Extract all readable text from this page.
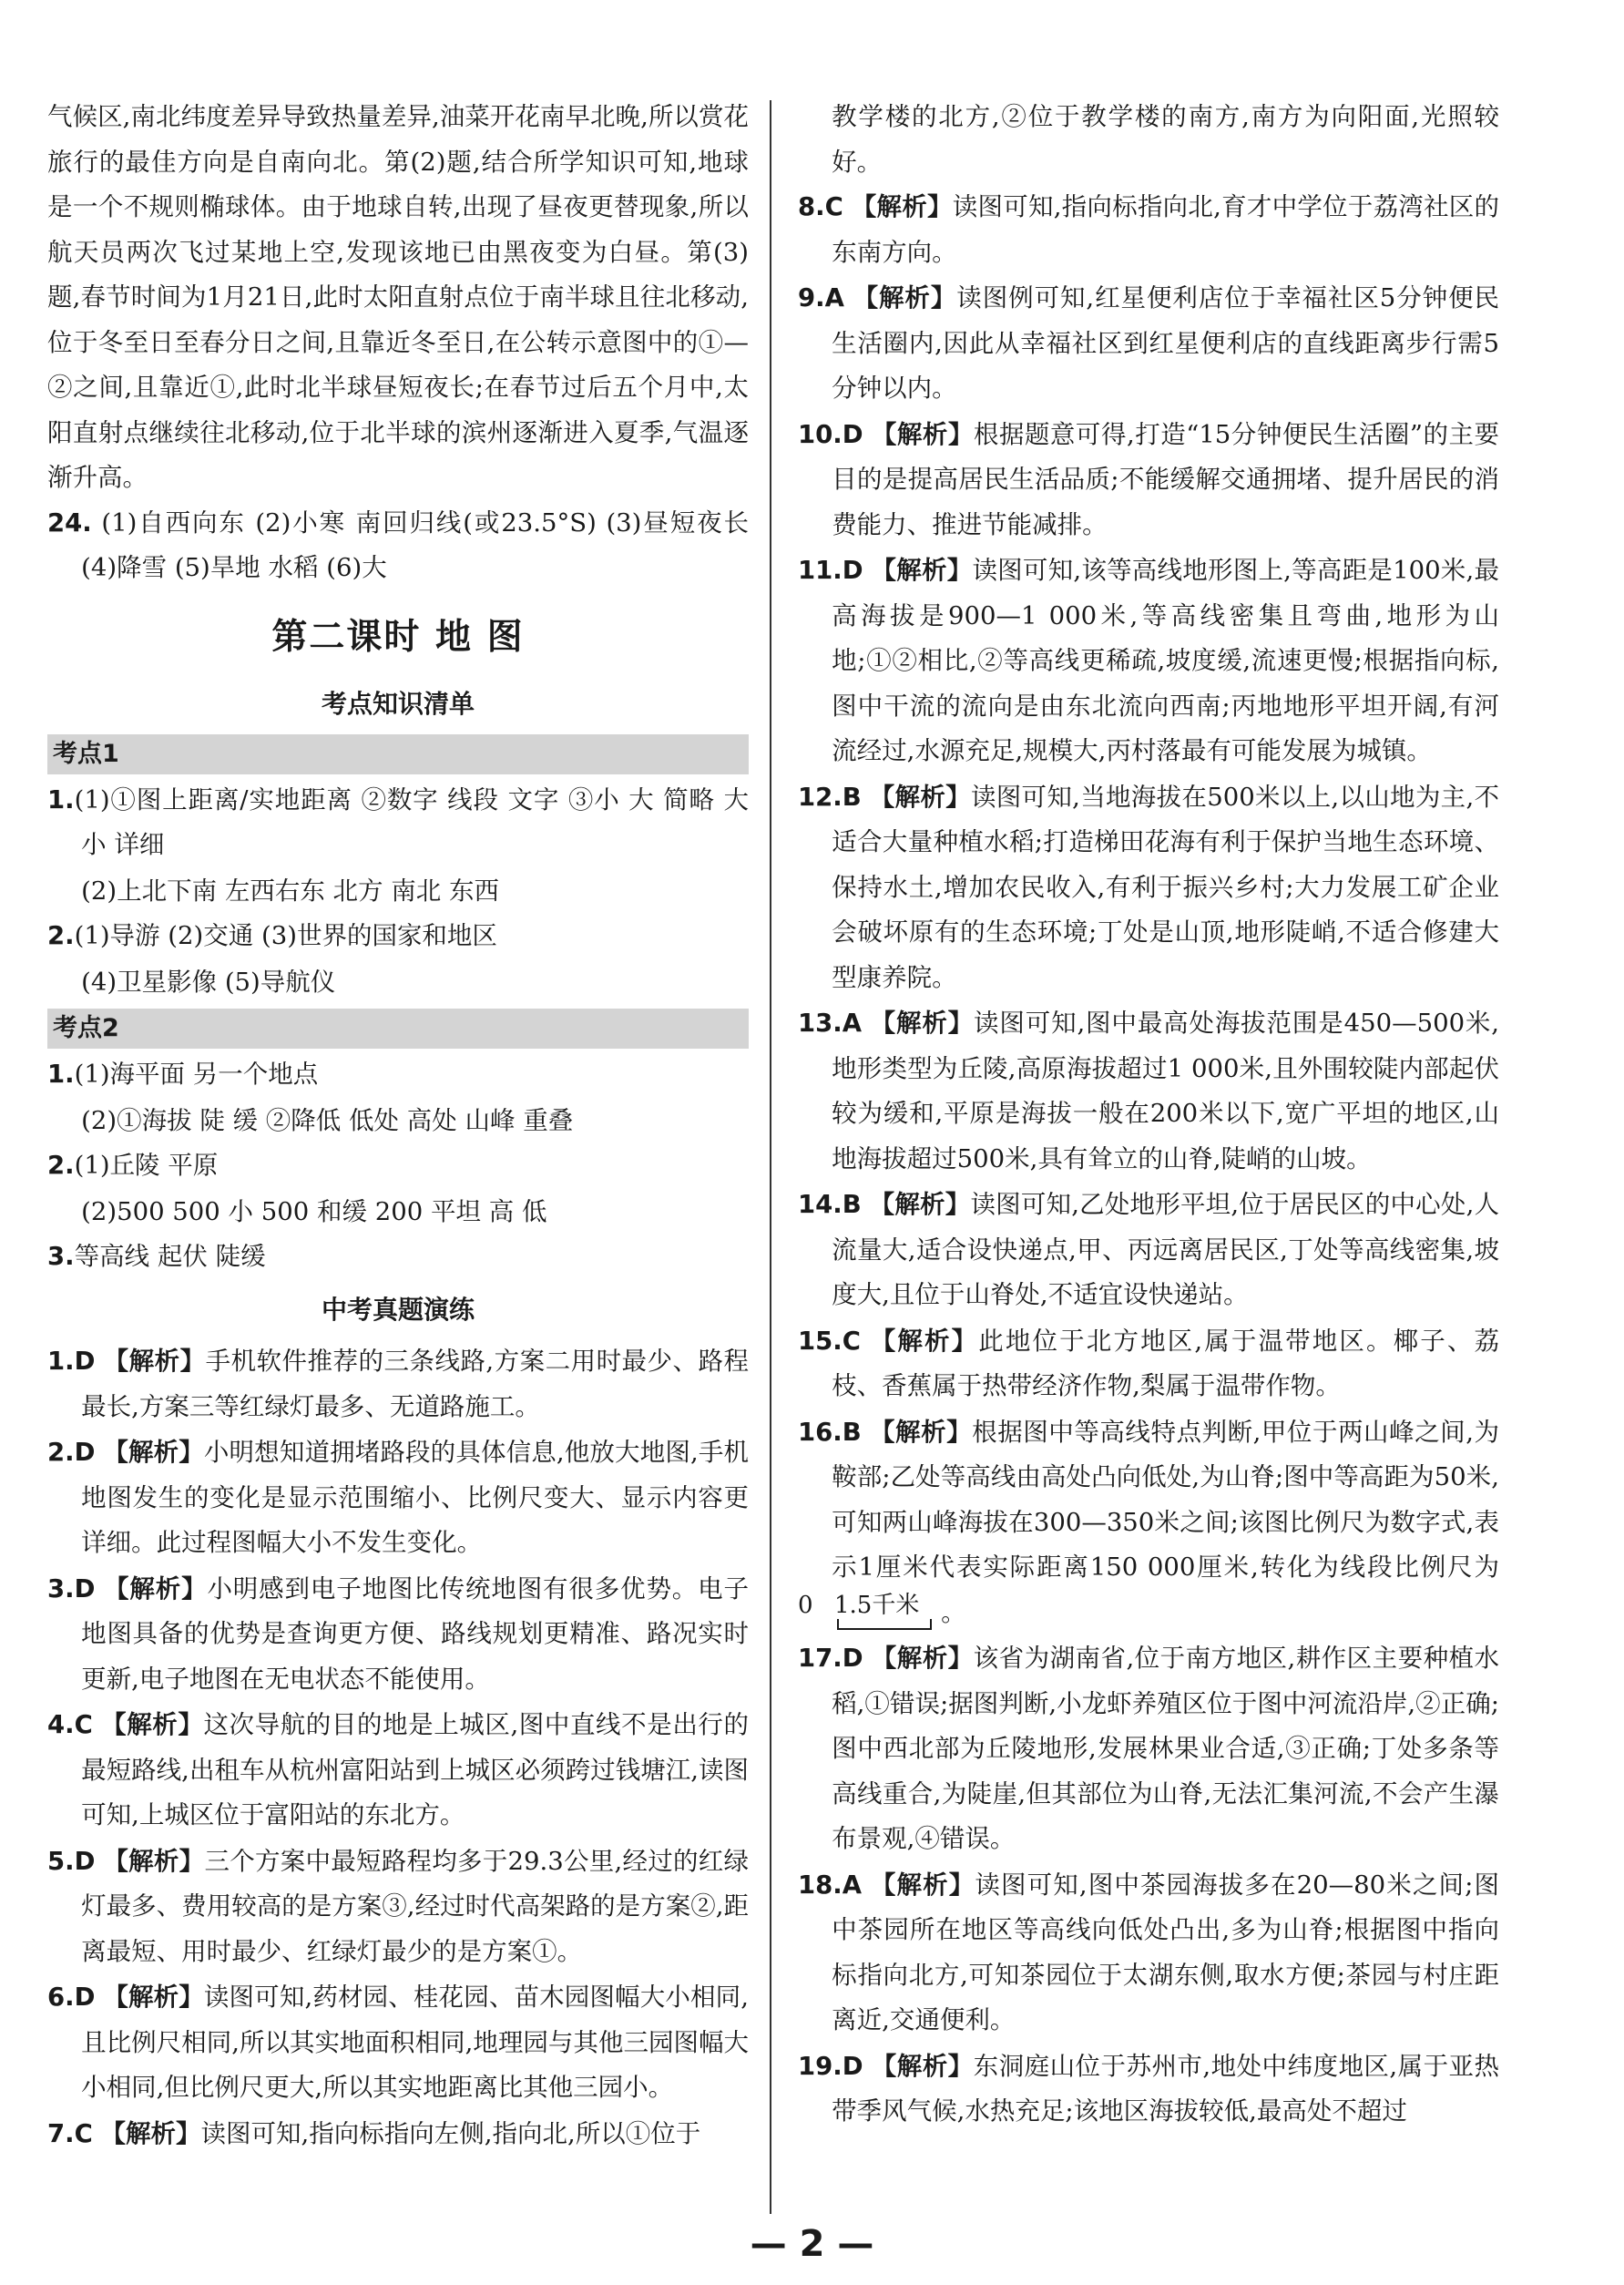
气候区,南北纬度差异导致热量差异,油菜开花南早北晚,所以赏花旅行的最佳方向是自南向北。第(2)题,结合所学知识可知,地球是一个不规则椭球体。由于地球自转,出现了昼夜更替现象,所以航天员两次飞过某地上空,发现该地已由黑夜变为白昼。第(3)题,春节时间为1月21日,此时太阳直射点位于南半球且往北移动,位于冬至日至春分日之间,且靠近冬至日,在公转示意图中的①—②之间,且靠近①,此时北半球昼短夜长;在春节过后五个月中,太阳直射点继续往北移动,位于北半球的滨州逐渐进入夏季,气温逐渐升高。

24. (1)自西向东 (2)小寒 南回归线(或23.5°S) (3)昼短夜长 (4)降雪 (5)旱地 水稻 (6)大

第二课时 地 图
考点知识清单
考点1

1.(1)①图上距离/实地距离 ②数字 线段 文字 ③小 大 简略 大 小 详细

(2)上北下南 左西右东 北方 南北 东西

2.(1)导游 (2)交通 (3)世界的国家和地区

(4)卫星影像 (5)导航仪

考点2

1.(1)海平面 另一个地点

(2)①海拔 陡 缓 ②降低 低处 高处 山峰 重叠

2.(1)丘陵 平原

(2)500 500 小 500 和缓 200 平坦 高 低

3.等高线 起伏 陡缓

中考真题演练

1.D 【解析】手机软件推荐的三条线路,方案二用时最少、路程最长,方案三等红绿灯最多、无道路施工。

2.D 【解析】小明想知道拥堵路段的具体信息,他放大地图,手机地图发生的变化是显示范围缩小、比例尺变大、显示内容更详细。此过程图幅大小不发生变化。

3.D 【解析】小明感到电子地图比传统地图有很多优势。电子地图具备的优势是查询更方便、路线规划更精准、路况实时更新,电子地图在无电状态不能使用。

4.C 【解析】这次导航的目的地是上城区,图中直线不是出行的最短路线,出租车从杭州富阳站到上城区必须跨过钱塘江,读图可知,上城区位于富阳站的东北方。

5.D 【解析】三个方案中最短路程均多于29.3公里,经过的红绿灯最多、费用较高的是方案③,经过时代高架路的是方案②,距离最短、用时最少、红绿灯最少的是方案①。

6.D 【解析】读图可知,药材园、桂花园、苗木园图幅大小相同,且比例尺相同,所以其实地面积相同,地理园与其他三园图幅大小相同,但比例尺更大,所以其实地距离比其他三园小。

7.C 【解析】读图可知,指向标指向左侧,指向北,所以①位于

教学楼的北方,②位于教学楼的南方,南方为向阳面,光照较好。

8.C 【解析】读图可知,指向标指向北,育才中学位于荔湾社区的东南方向。

9.A 【解析】读图例可知,红星便利店位于幸福社区5分钟便民生活圈内,因此从幸福社区到红星便利店的直线距离步行需5分钟以内。

10.D 【解析】根据题意可得,打造“15分钟便民生活圈”的主要目的是提高居民生活品质;不能缓解交通拥堵、提升居民的消费能力、推进节能减排。

11.D 【解析】读图可知,该等高线地形图上,等高距是100米,最高海拔是900—1 000米,等高线密集且弯曲,地形为山地;①②相比,②等高线更稀疏,坡度缓,流速更慢;根据指向标,图中干流的流向是由东北流向西南;丙地地形平坦开阔,有河流经过,水源充足,规模大,丙村落最有可能发展为城镇。

12.B 【解析】读图可知,当地海拔在500米以上,以山地为主,不适合大量种植水稻;打造梯田花海有利于保护当地生态环境、保持水土,增加农民收入,有利于振兴乡村;大力发展工矿企业会破坏原有的生态环境;丁处是山顶,地形陡峭,不适合修建大型康养院。

13.A 【解析】读图可知,图中最高处海拔范围是450—500米,地形类型为丘陵,高原海拔超过1 000米,且外围较陡内部起伏较为缓和,平原是海拔一般在200米以下,宽广平坦的地区,山地海拔超过500米,具有耸立的山脊,陡峭的山坡。

14.B 【解析】读图可知,乙处地形平坦,位于居民区的中心处,人流量大,适合设快递点,甲、丙远离居民区,丁处等高线密集,坡度大,且位于山脊处,不适宜设快递站。

15.C 【解析】此地位于北方地区,属于温带地区。椰子、荔枝、香蕉属于热带经济作物,梨属于温带作物。

16.B 【解析】根据图中等高线特点判断,甲位于两山峰之间,为鞍部;乙处等高线由高处凸向低处,为山脊;图中等高距为50米,可知两山峰海拔在300—350米之间;该图比例尺为数字式,表示1厘米代表实际距离150 000厘米,转化为线段比例尺为
0 1.5千米 。

17.D 【解析】该省为湖南省,位于南方地区,耕作区主要种植水稻,①错误;据图判断,小龙虾养殖区位于图中河流沿岸,②正确;图中西北部为丘陵地形,发展林果业合适,③正确;丁处多条等高线重合,为陡崖,但其部位为山脊,无法汇集河流,不会产生瀑布景观,④错误。

18.A 【解析】读图可知,图中茶园海拔多在20—80米之间;图中茶园所在地区等高线向低处凸出,多为山脊;根据图中指向标指向北方,可知茶园位于太湖东侧,取水方便;茶园与村庄距离近,交通便利。

19.D 【解析】东洞庭山位于苏州市,地处中纬度地区,属于亚热带季风气候,水热充足;该地区海拔较低,最高处不超过

— 2 —
